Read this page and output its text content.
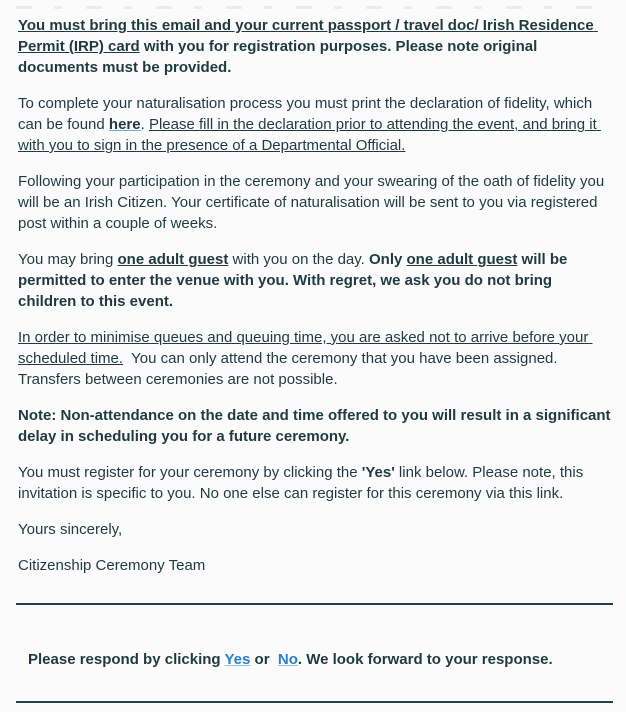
You must bring this email and your current passport / travel doc/ Irish Residence Permit (IRP) card with you for registration purposes. Please note original documents must be provided.

To complete your naturalisation process you must print the declaration of fidelity, which can be found here. Please fill in the declaration prior to attending the event, and bring it with you to sign in the presence of a Departmental Official.

Following your participation in the ceremony and your swearing of the oath of fidelity you will be an Irish Citizen. Your certificate of naturalisation will be sent to you via registered post within a couple of weeks.

You may bring one adult guest with you on the day. Only one adult guest will be permitted to enter the venue with you. With regret, we ask you do not bring children to this event.

In order to minimise queues and queuing time, you are asked not to arrive before your scheduled time.  You can only attend the ceremony that you have been assigned. Transfers between ceremonies are not possible.

Note: Non-attendance on the date and time offered to you will result in a significant delay in scheduling you for a future ceremony.

You must register for your ceremony by clicking the 'Yes' link below. Please note, this invitation is specific to you. No one else can register for this ceremony via this link.

Yours sincerely,

Citizenship Ceremony Team

Please respond by clicking Yes or  No. We look forward to your response.
